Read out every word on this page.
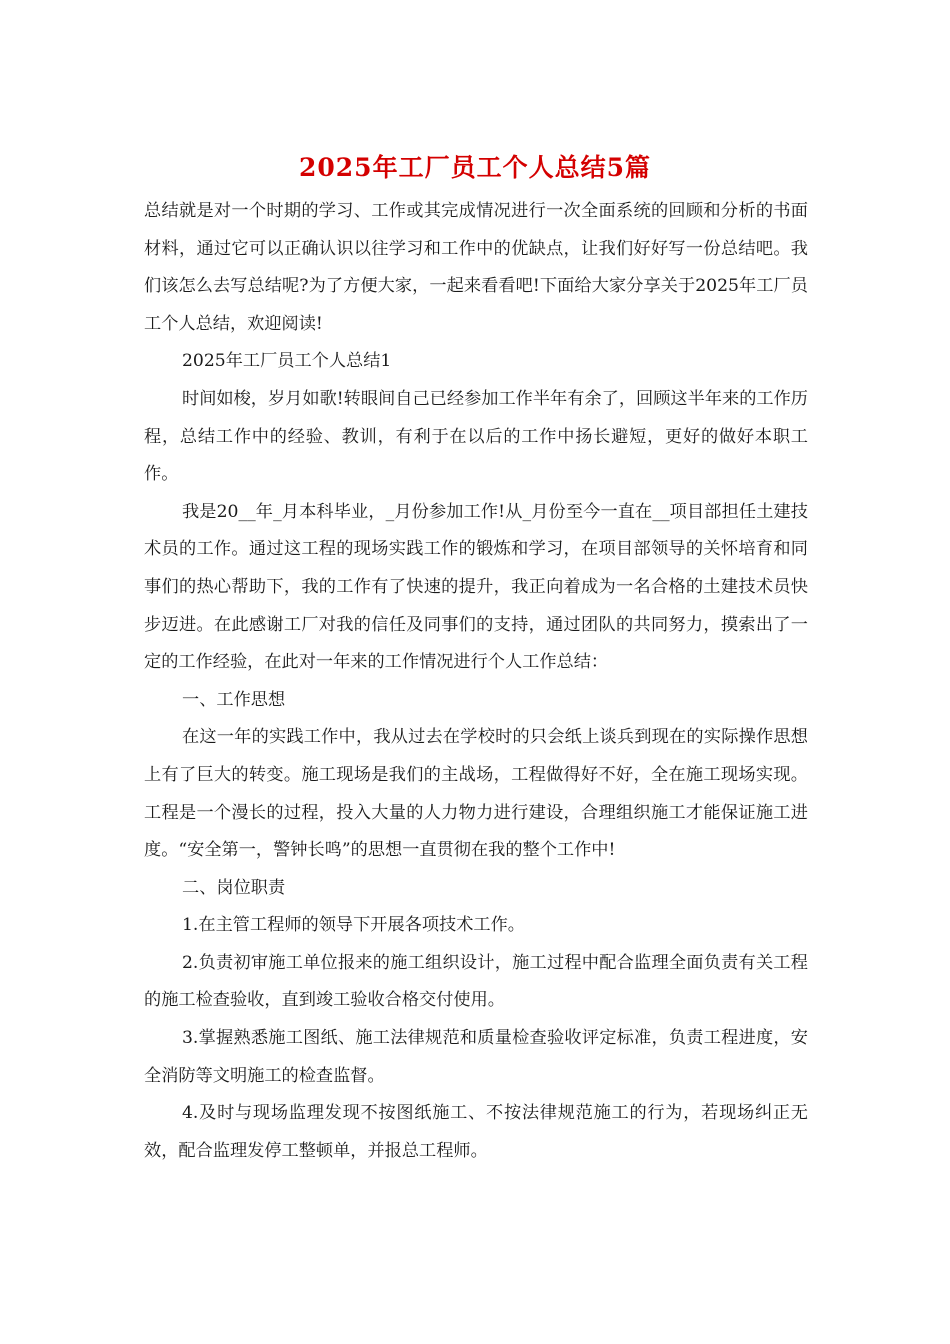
2025年工厂员工个人总结5篇

总结就是对一个时期的学习、工作或其完成情况进行一次全面系统的回顾和分析的书面材料，通过它可以正确认识以往学习和工作中的优缺点，让我们好好写一份总结吧。我们该怎么去写总结呢?为了方便大家，一起来看看吧!下面给大家分享关于2025年工厂员工个人总结，欢迎阅读!

2025年工厂员工个人总结1

时间如梭，岁月如歌!转眼间自己已经参加工作半年有余了，回顾这半年来的工作历程，总结工作中的经验、教训，有利于在以后的工作中扬长避短，更好的做好本职工作。

我是20__年_月本科毕业，_月份参加工作!从_月份至今一直在__项目部担任土建技术员的工作。通过这工程的现场实践工作的锻炼和学习，在项目部领导的关怀培育和同事们的热心帮助下，我的工作有了快速的提升，我正向着成为一名合格的土建技术员快步迈进。在此感谢工厂对我的信任及同事们的支持，通过团队的共同努力，摸索出了一定的工作经验，在此对一年来的工作情况进行个人工作总结：

一、工作思想

在这一年的实践工作中，我从过去在学校时的只会纸上谈兵到现在的实际操作思想上有了巨大的转变。施工现场是我们的主战场，工程做得好不好，全在施工现场实现。工程是一个漫长的过程，投入大量的人力物力进行建设，合理组织施工才能保证施工进度。“安全第一，警钟长鸣”的思想一直贯彻在我的整个工作中!

二、岗位职责

1.在主管工程师的领导下开展各项技术工作。

2.负责初审施工单位报来的施工组织设计，施工过程中配合监理全面负责有关工程的施工检查验收，直到竣工验收合格交付使用。

3.掌握熟悉施工图纸、施工法律规范和质量检查验收评定标准，负责工程进度，安全消防等文明施工的检查监督。

4.及时与现场监理发现不按图纸施工、不按法律规范施工的行为，若现场纠正无效，配合监理发停工整顿单，并报总工程师。
